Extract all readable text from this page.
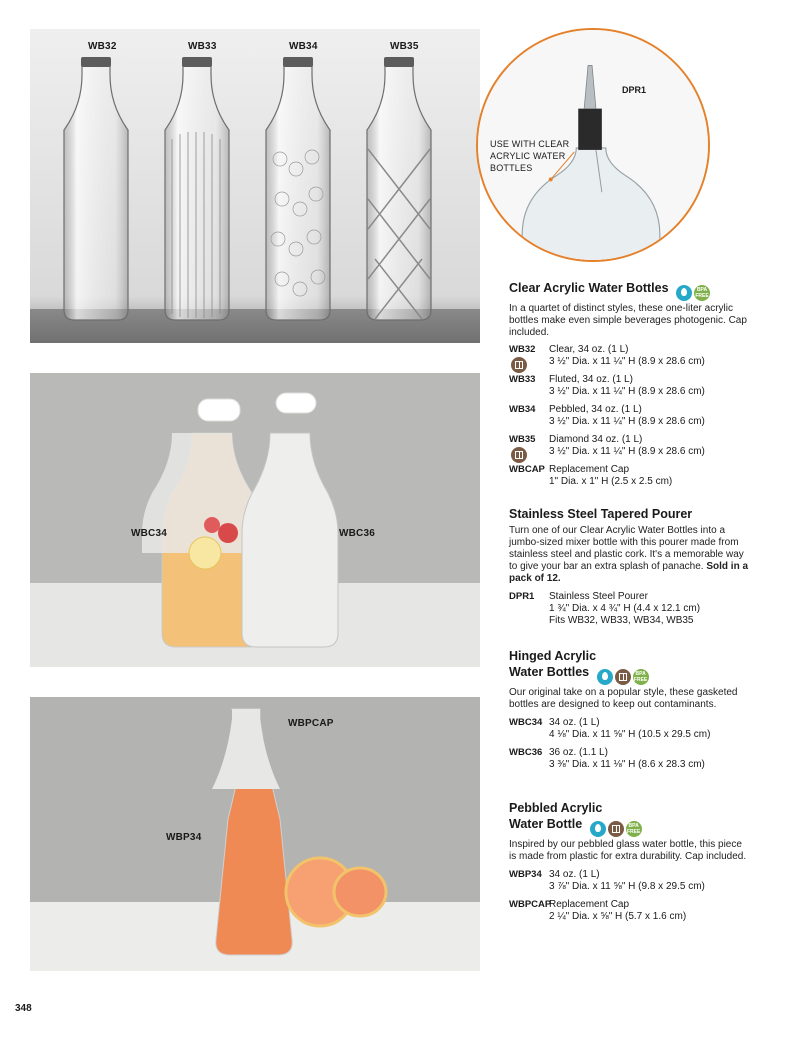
WB32	WB33	WB34	WB35
USE WITH CLEAR
ACRYLIC WATER
BOTTLES
DPR1
WBC34	WBC36
WBPCAP
WBP34
Clear Acrylic Water Bottles	BPA FREE
In a quartet of distinct styles, these one-liter acrylic bottles make even simple beverages photogenic. Cap included.
WB32	Clear, 34 oz. (1 L)
3 ½" Dia. x 11 ¼" H (8.9 x 28.6 cm)
WB33	Fluted, 34 oz. (1 L)
3 ½" Dia. x 11 ¼" H (8.9 x 28.6 cm)
WB34	Pebbled, 34 oz. (1 L)
3 ½" Dia. x 11 ¼" H (8.9 x 28.6 cm)
WB35	Diamond 34 oz. (1 L)
3 ½" Dia. x 11 ¼" H (8.9 x 28.6 cm)
WBCAP Replacement Cap
1" Dia. x 1" H (2.5 x 2.5 cm)
Stainless Steel Tapered Pourer
Turn one of our Clear Acrylic Water Bottles into a jumbo-sized mixer bottle with this pourer made from stainless steel and plastic cork. It's a memorable way to give your bar an extra splash of panache. Sold in a pack of 12.
DPR1	Stainless Steel Pourer
1 ¾" Dia. x 4 ¾" H (4.4 x 12.1 cm)
Fits WB32, WB33, WB34, WB35
Hinged Acrylic
Water Bottles	BPA FREE
Our original take on a popular style, these gasketed bottles are designed to keep out contaminants.
WBC34 34 oz. (1 L)
4 ⅛" Dia. x 11 ⅝" H (10.5 x 29.5 cm)
WBC36 36 oz. (1.1 L)
3 ⅜" Dia. x 11 ⅛" H (8.6 x 28.3 cm)
Pebbled Acrylic
Water Bottle	BPA FREE
Inspired by our pebbled glass water bottle, this piece is made from plastic for extra durability. Cap included.
WBP34 34 oz. (1 L)
3 ⅞" Dia. x 11 ⅝" H (9.8 x 29.5 cm)
WBPCAP
Replacement Cap
2 ¼" Dia. x ⅝" H (5.7 x 1.6 cm)
348
